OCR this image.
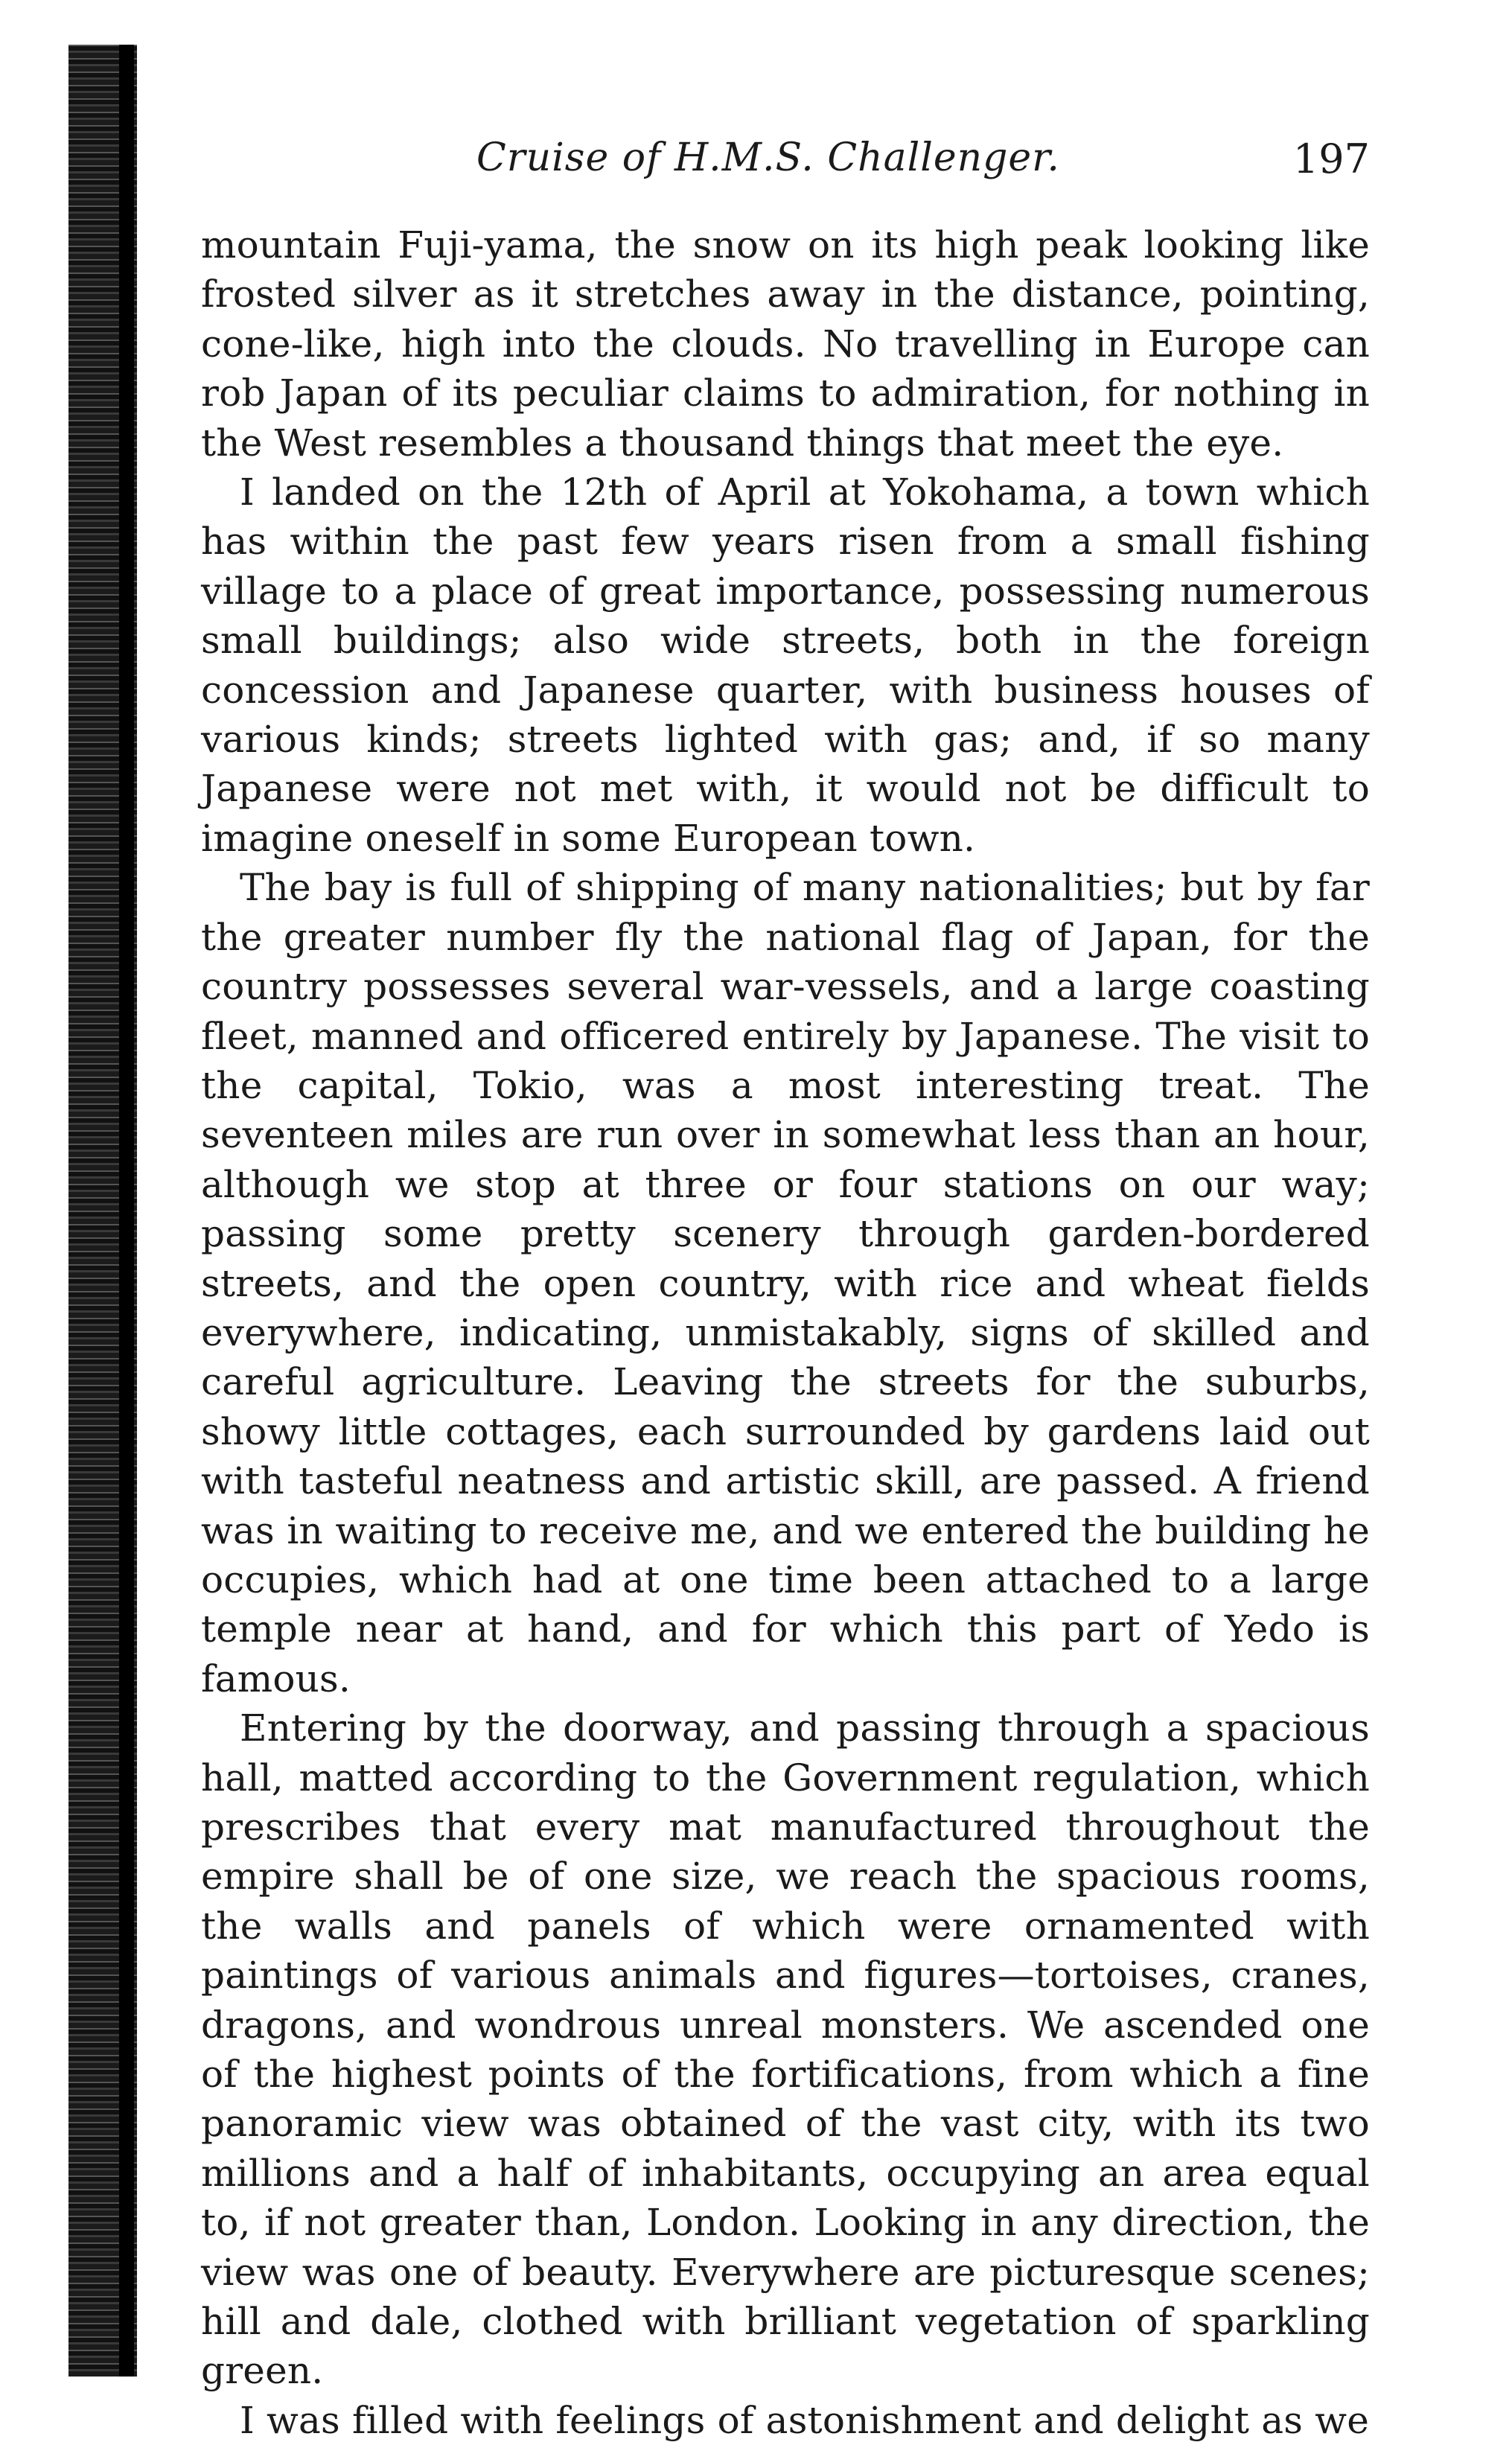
Cruise of H.M.S. Challenger.	197

mountain Fuji-yama, the snow on its high peak looking like frosted silver as it stretches away in the distance, pointing, cone-like, high into the clouds. No travelling in Europe can rob Japan of its peculiar claims to admiration, for nothing in the West resembles a thousand things that meet the eye.

I landed on the 12th of April at Yokohama, a town which has within the past few years risen from a small fishing village to a place of great importance, possessing numerous small buildings; also wide streets, both in the foreign concession and Japanese quarter, with business houses of various kinds; streets lighted with gas; and, if so many Japanese were not met with, it would not be difficult to imagine oneself in some European town.

The bay is full of shipping of many nationalities; but by far the greater number fly the national flag of Japan, for the country possesses several war-vessels, and a large coasting fleet, manned and officered entirely by Japanese. The visit to the capital, Tokio, was a most interesting treat. The seventeen miles are run over in somewhat less than an hour, although we stop at three or four stations on our way; passing some pretty scenery through garden-bordered streets, and the open country, with rice and wheat fields everywhere, indicating, unmistakably, signs of skilled and careful agriculture. Leaving the streets for the suburbs, showy little cottages, each surrounded by gardens laid out with tasteful neatness and artistic skill, are passed. A friend was in waiting to receive me, and we entered the building he occupies, which had at one time been attached to a large temple near at hand, and for which this part of Yedo is famous.

Entering by the doorway, and passing through a spacious hall, matted according to the Government regulation, which prescribes that every mat manufactured throughout the empire shall be of one size, we reach the spacious rooms, the walls and panels of which were ornamented with paintings of various animals and figures—tortoises, cranes, dragons, and wondrous unreal monsters. We ascended one of the highest points of the fortifications, from which a fine panoramic view was obtained of the vast city, with its two millions and a half of inhabitants, occupying an area equal to, if not greater than, London. Looking in any direction, the view was one of beauty. Everywhere are picturesque scenes; hill and dale, clothed with brilliant vegetation of sparkling green.

I was filled with feelings of astonishment and delight as we
